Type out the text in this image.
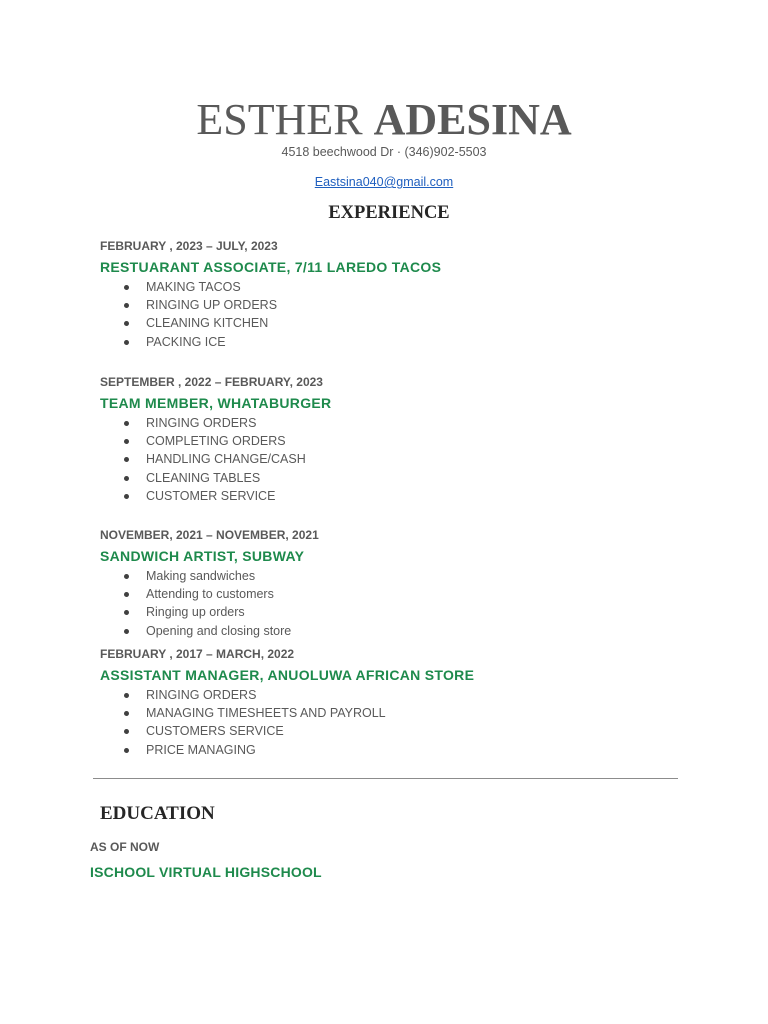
ESTHER ADESINA
4518 beechwood Dr · (346)902-5503
Eastsina040@gmail.com
EXPERIENCE
FEBRUARY , 2023 – JULY, 2023
RESTUARANT ASSOCIATE, 7/11 LAREDO TACOS
MAKING TACOS
RINGING UP ORDERS
CLEANING KITCHEN
PACKING ICE
SEPTEMBER , 2022 – FEBRUARY, 2023
TEAM MEMBER, WHATABURGER
RINGING ORDERS
COMPLETING ORDERS
HANDLING CHANGE/CASH
CLEANING TABLES
CUSTOMER SERVICE
NOVEMBER, 2021 – NOVEMBER, 2021
SANDWICH ARTIST, SUBWAY
Making sandwiches
Attending to customers
Ringing up orders
Opening and closing store
FEBRUARY , 2017 – MARCH, 2022
ASSISTANT MANAGER, ANUOLUWA AFRICAN STORE
RINGING ORDERS
MANAGING TIMESHEETS AND PAYROLL
CUSTOMERS SERVICE
PRICE MANAGING
EDUCATION
AS OF NOW
ISCHOOL VIRTUAL HIGHSCHOOL
